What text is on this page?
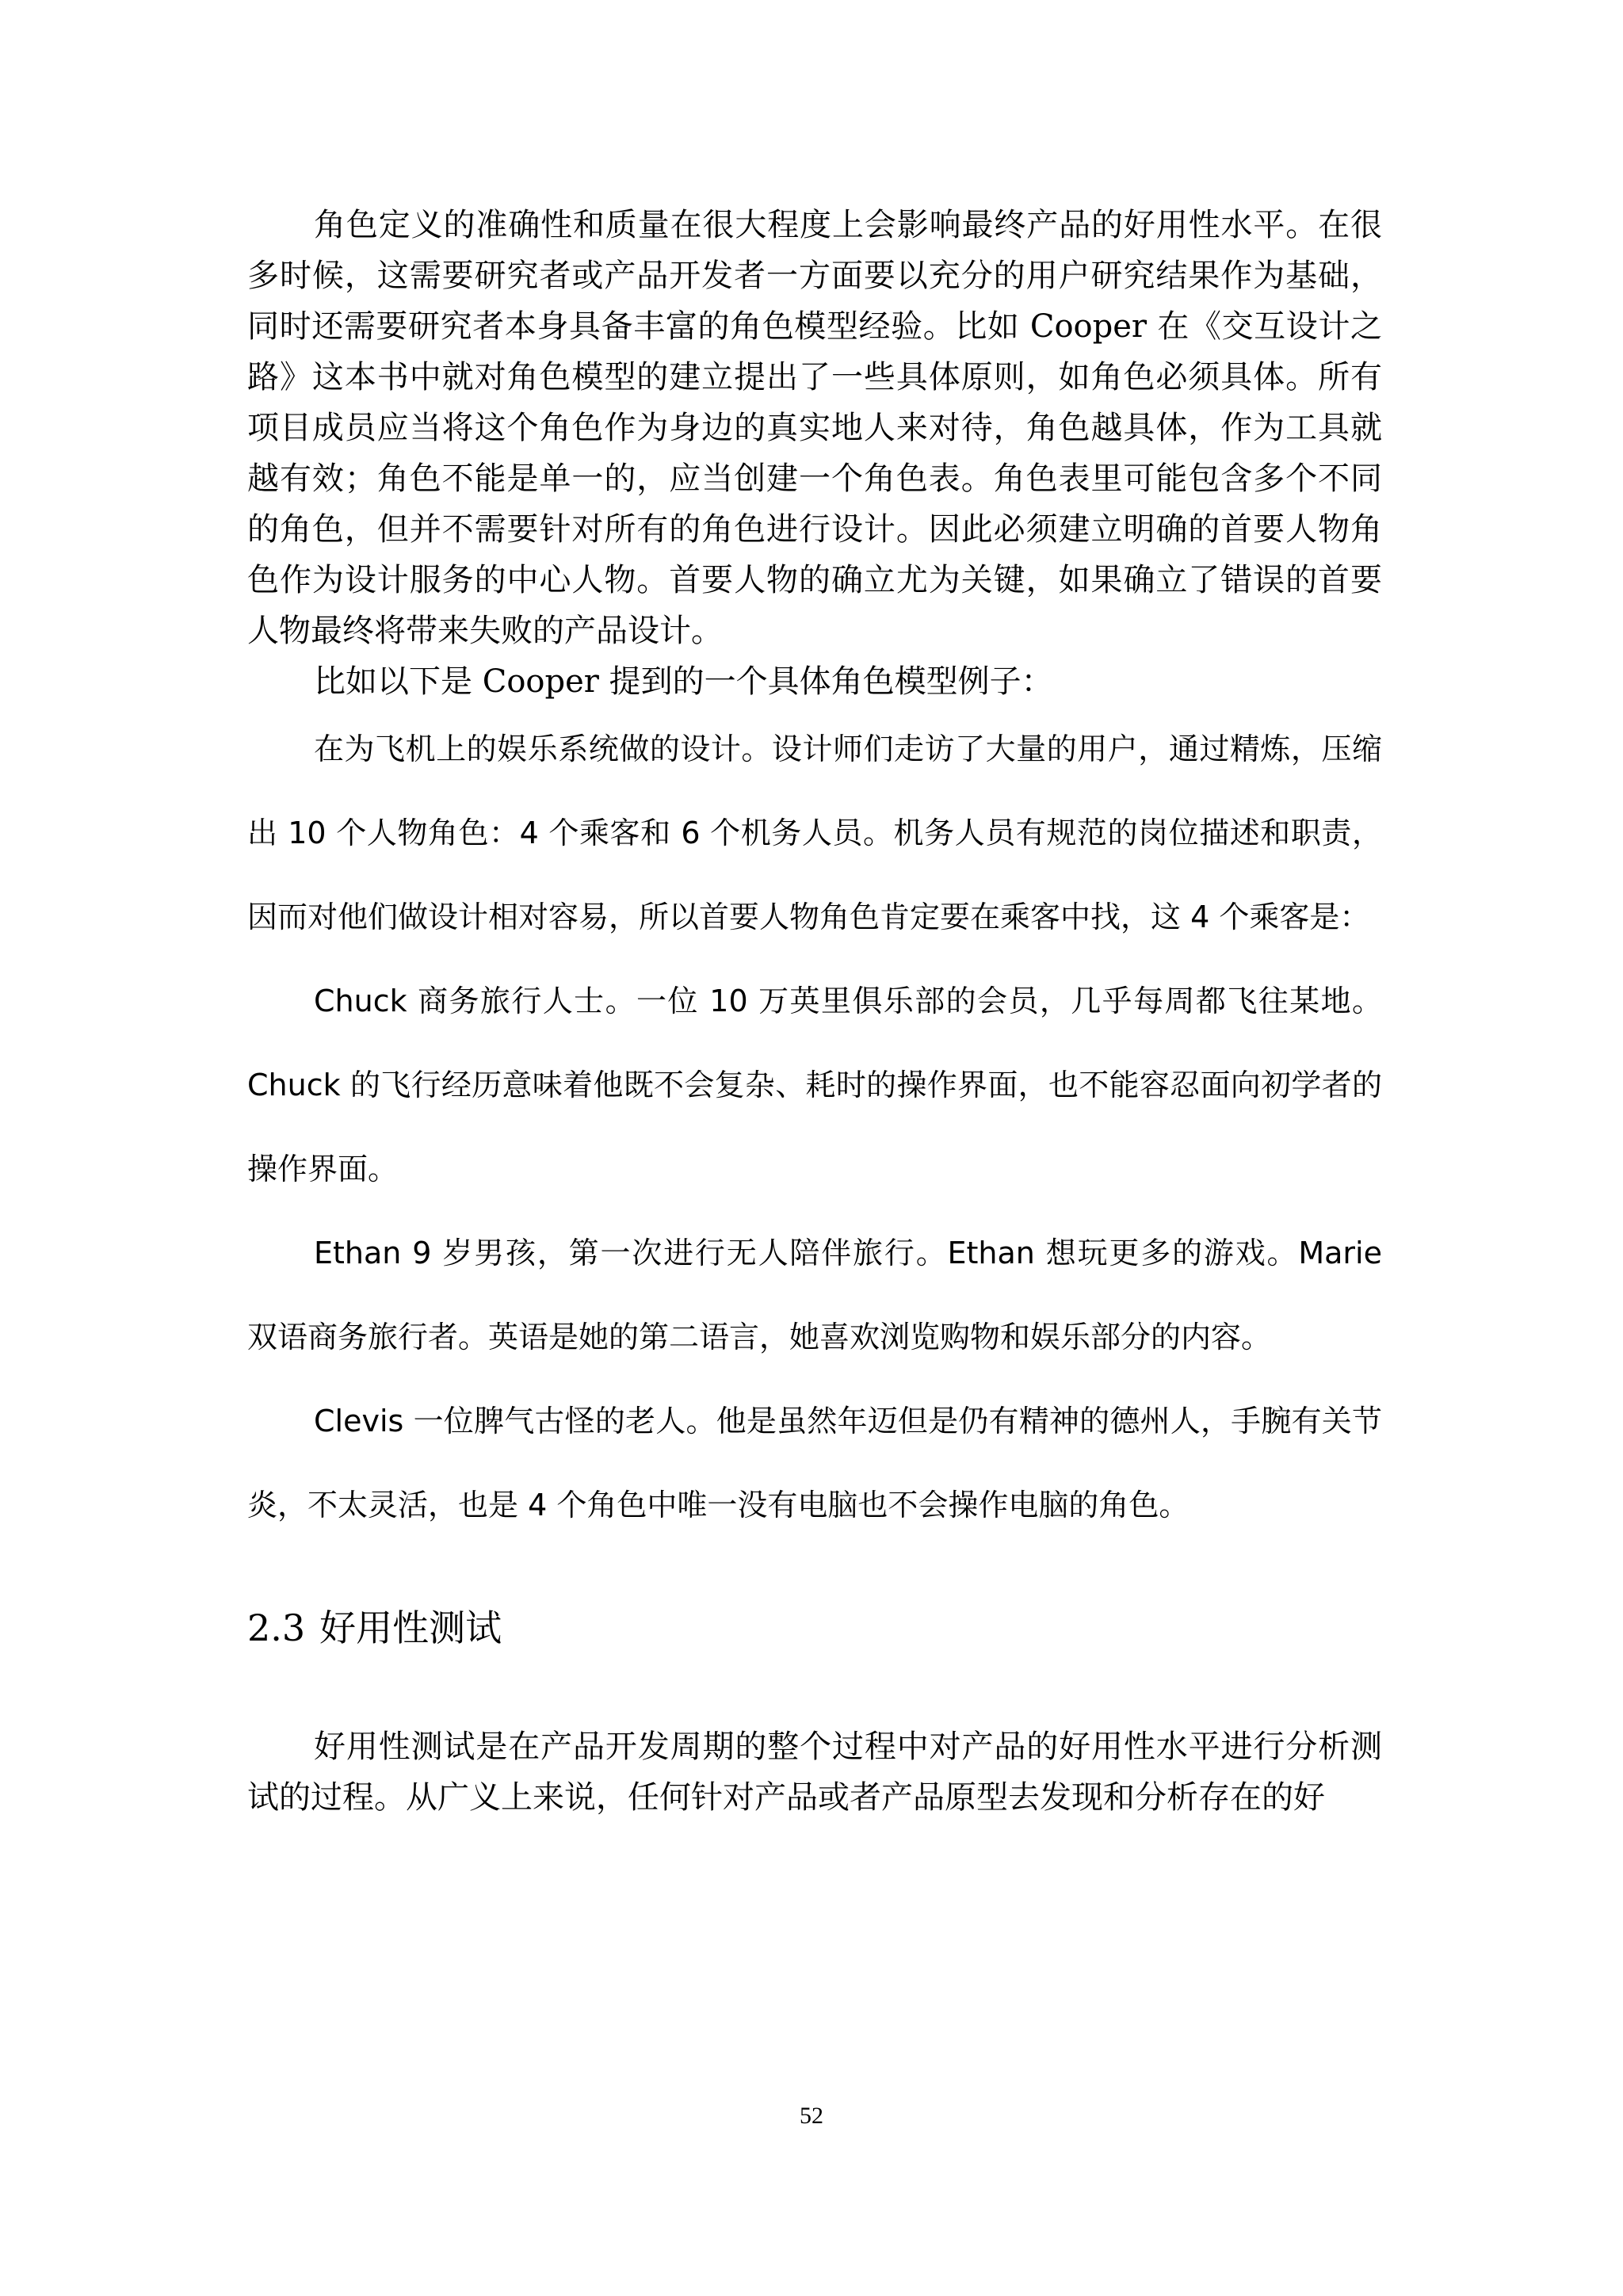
角色定义的准确性和质量在很大程度上会影响最终产品的好用性水平。在很多时候，这需要研究者或产品开发者一方面要以充分的用户研究结果作为基础，同时还需要研究者本身具备丰富的角色模型经验。比如 Cooper 在《交互设计之路》这本书中就对角色模型的建立提出了一些具体原则，如角色必须具体。所有项目成员应当将这个角色作为身边的真实地人来对待，角色越具体，作为工具就越有效；角色不能是单一的，应当创建一个角色表。角色表里可能包含多个不同的角色，但并不需要针对所有的角色进行设计。因此必须建立明确的首要人物角色作为设计服务的中心人物。首要人物的确立尤为关键，如果确立了错误的首要人物最终将带来失败的产品设计。

比如以下是 Cooper 提到的一个具体角色模型例子：

在为飞机上的娱乐系统做的设计。设计师们走访了大量的用户，通过精炼，压缩出 10 个人物角色：4 个乘客和 6 个机务人员。机务人员有规范的岗位描述和职责，因而对他们做设计相对容易，所以首要人物角色肯定要在乘客中找，这 4 个乘客是：

Chuck 商务旅行人士。一位 10 万英里俱乐部的会员，几乎每周都飞往某地。Chuck 的飞行经历意味着他既不会复杂、耗时的操作界面，也不能容忍面向初学者的操作界面。

Ethan 9 岁男孩，第一次进行无人陪伴旅行。Ethan 想玩更多的游戏。Marie 双语商务旅行者。英语是她的第二语言，她喜欢浏览购物和娱乐部分的内容。

Clevis 一位脾气古怪的老人。他是虽然年迈但是仍有精神的德州人，手腕有关节炎，不太灵活，也是 4 个角色中唯一没有电脑也不会操作电脑的角色。

2.3 好用性测试

好用性测试是在产品开发周期的整个过程中对产品的好用性水平进行分析测试的过程。从广义上来说，任何针对产品或者产品原型去发现和分析存在的好

52
